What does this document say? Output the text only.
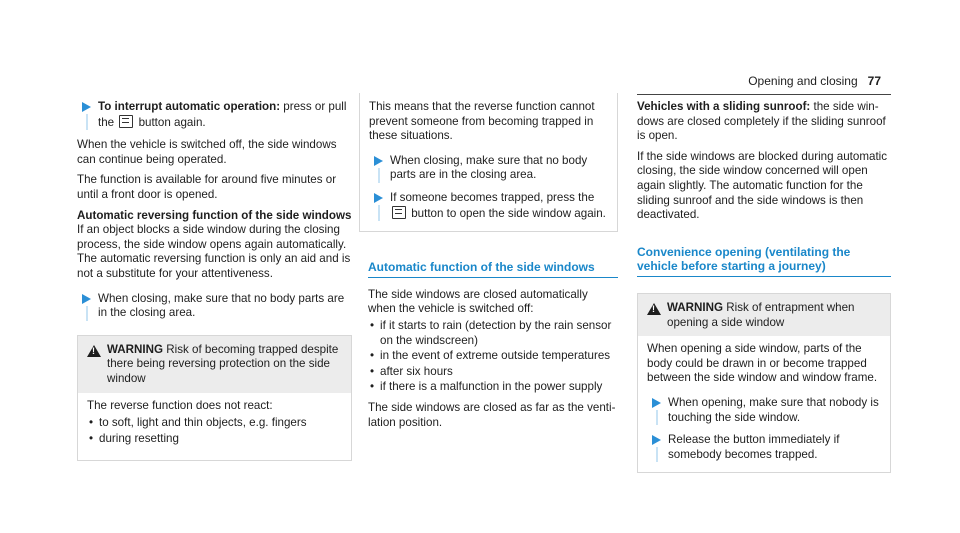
Opening and closing 77
To interrupt automatic operation: press or pull the  button again.

When the vehicle is switched off, the side windows can continue being operated.

The function is available for around five minutes or until a front door is opened.

Automatic reversing function of the side windows

If an object blocks a side window during the closing process, the side window opens again automatically. The automatic reversing function is only an aid and is not a substitute for your attentiveness.

When closing, make sure that no body parts are in the closing area.
!
WARNING Risk of becoming trapped despite there being reversing protection on the side window

The reverse function does not react:

• to soft, light and thin objects, e.g. fingers
• during resetting

This means that the reverse function cannot prevent someone from becoming trapped in these situations.

When closing, make sure that no body parts are in the closing area.
If someone becomes trapped, press the  button to open the side window again.
Automatic function of the side windows

The side windows are closed automatically when the vehicle is switched off:

• if it starts to rain (detection by the rain sensor on the windscreen)
• in the event of extreme outside temperatures
• after six hours
• if there is a malfunction in the power supply

The side windows are closed as far as the ventilation position.

Vehicles with a sliding sunroof: the side windows are closed completely if the sliding sunroof is open.

If the side windows are blocked during automatic closing, the side window concerned will open again slightly. The automatic function for the sliding sunroof and the side windows is then deactivated.

Convenience opening (ventilating the vehicle before starting a journey)
!
WARNING Risk of entrapment when opening a side window

When opening a side window, parts of the body could be drawn in or become trapped between the side window and window frame.

When opening, make sure that nobody is touching the side window.
Release the button immediately if somebody becomes trapped.
